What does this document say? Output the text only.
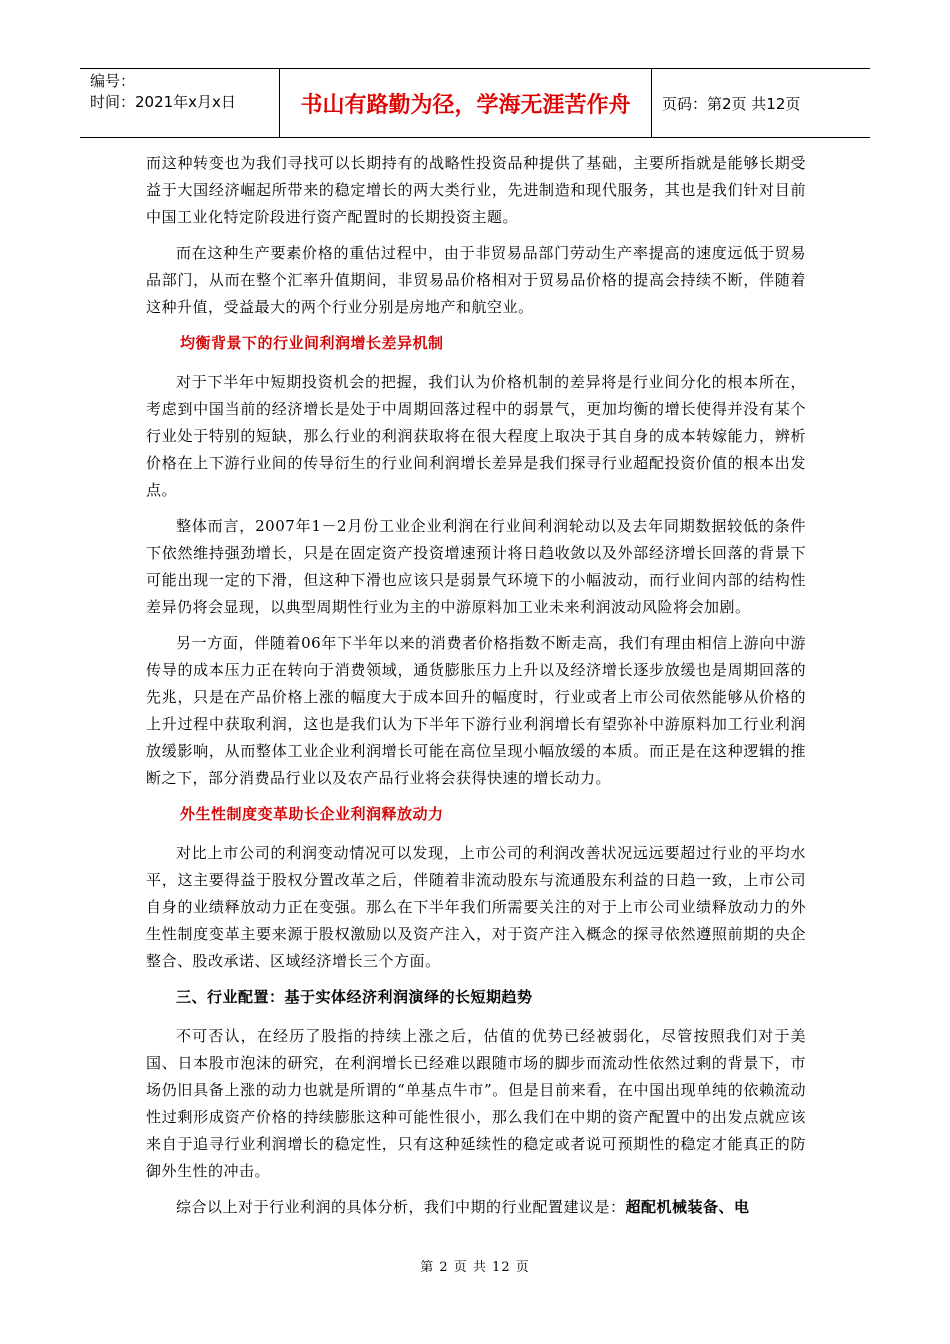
编号：
时间：2021年x月x日	书山有路勤为径，学海无涯苦作舟	页码：第2页 共12页

而这种转变也为我们寻找可以长期持有的战略性投资品种提供了基础，主要所指就是能够长期受益于大国经济崛起所带来的稳定增长的两大类行业，先进制造和现代服务，其也是我们针对目前中国工业化特定阶段进行资产配置时的长期投资主题。

而在这种生产要素价格的重估过程中，由于非贸易品部门劳动生产率提高的速度远低于贸易品部门，从而在整个汇率升值期间，非贸易品价格相对于贸易品价格的提高会持续不断，伴随着这种升值，受益最大的两个行业分别是房地产和航空业。

均衡背景下的行业间利润增长差异机制

对于下半年中短期投资机会的把握，我们认为价格机制的差异将是行业间分化的根本所在，考虑到中国当前的经济增长是处于中周期回落过程中的弱景气，更加均衡的增长使得并没有某个行业处于特别的短缺，那么行业的利润获取将在很大程度上取决于其自身的成本转嫁能力，辨析价格在上下游行业间的传导衍生的行业间利润增长差异是我们探寻行业超配投资价值的根本出发点。

整体而言，2007年1－2月份工业企业利润在行业间利润轮动以及去年同期数据较低的条件下依然维持强劲增长，只是在固定资产投资增速预计将日趋收敛以及外部经济增长回落的背景下可能出现一定的下滑，但这种下滑也应该只是弱景气环境下的小幅波动，而行业间内部的结构性差异仍将会显现，以典型周期性行业为主的中游原料加工业未来利润波动风险将会加剧。

另一方面，伴随着06年下半年以来的消费者价格指数不断走高，我们有理由相信上游向中游传导的成本压力正在转向于消费领域，通货膨胀压力上升以及经济增长逐步放缓也是周期回落的先兆，只是在产品价格上涨的幅度大于成本回升的幅度时，行业或者上市公司依然能够从价格的上升过程中获取利润，这也是我们认为下半年下游行业利润增长有望弥补中游原料加工行业利润放缓影响，从而整体工业企业利润增长可能在高位呈现小幅放缓的本质。而正是在这种逻辑的推断之下，部分消费品行业以及农产品行业将会获得快速的增长动力。

外生性制度变革助长企业利润释放动力

对比上市公司的利润变动情况可以发现，上市公司的利润改善状况远远要超过行业的平均水平，这主要得益于股权分置改革之后，伴随着非流动股东与流通股东利益的日趋一致，上市公司自身的业绩释放动力正在变强。那么在下半年我们所需要关注的对于上市公司业绩释放动力的外生性制度变革主要来源于股权激励以及资产注入，对于资产注入概念的探寻依然遵照前期的央企整合、股改承诺、区域经济增长三个方面。

三、行业配置：基于实体经济利润演绎的长短期趋势

不可否认，在经历了股指的持续上涨之后，估值的优势已经被弱化，尽管按照我们对于美国、日本股市泡沫的研究，在利润增长已经难以跟随市场的脚步而流动性依然过剩的背景下，市场仍旧具备上涨的动力也就是所谓的“单基点牛市”。但是目前来看，在中国出现单纯的依赖流动性过剩形成资产价格的持续膨胀这种可能性很小，那么我们在中期的资产配置中的出发点就应该来自于追寻行业利润增长的稳定性，只有这种延续性的稳定或者说可预期性的稳定才能真正的防御外生性的冲击。

综合以上对于行业利润的具体分析，我们中期的行业配置建议是：超配机械装备、电

第 2 页 共 12 页
